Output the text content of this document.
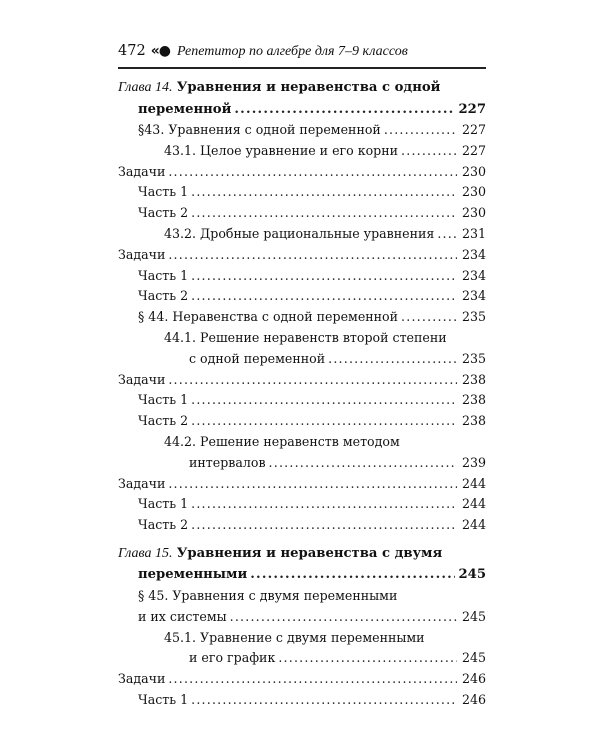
472 «● Репетитор по алгебре для 7–9 классов
Глава 14. Уравнения и неравенства с одной
переменной .....	227
§43. Уравнения с одной переменной .....	227
43.1. Целое уравнение и его корни .....	227
Задачи .....	230
Часть 1 .....	230
Часть 2 .....	230
43.2. Дробные рациональные уравнения ..... 231
Задачи .....	234
Часть 1 .....	234
Часть 2 .....	234
§ 44. Неравенства с одной переменной .....	235
44.1. Решение неравенств второй степени
с одной переменной .....	235
Задачи .....	238
Часть 1 .....	238
Часть 2 .....	238
44.2. Решение неравенств методом
интервалов .....	239
Задачи .....	244
Часть 1 .....	244
Часть 2 .....	244
Глава 15. Уравнения и неравенства с двумя
переменными .....	245
§ 45. Уравнения с двумя переменными
и их системы .....	245
45.1. Уравнение с двумя переменными
и его график .....	245
Задачи .....	246
Часть 1 .....	246
